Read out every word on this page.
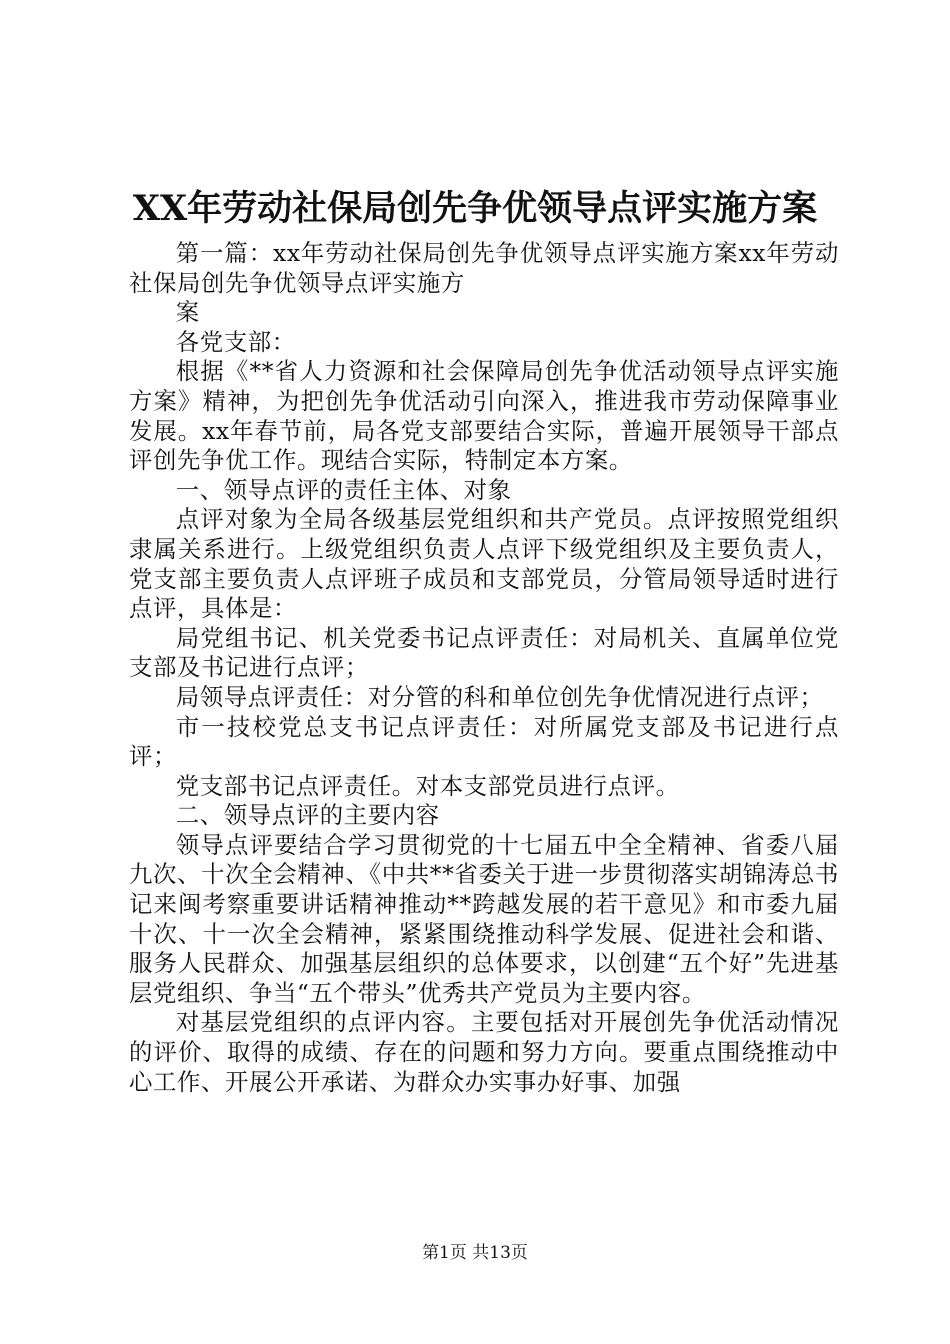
XX年劳动社保局创先争优领导点评实施方案

第一篇：xx年劳动社保局创先争优领导点评实施方案xx年劳动社保局创先争优领导点评实施方

案

各党支部：

根据《**省人力资源和社会保障局创先争优活动领导点评实施方案》精神，为把创先争优活动引向深入，推进我市劳动保障事业发展。xx年春节前，局各党支部要结合实际，普遍开展领导干部点评创先争优工作。现结合实际，特制定本方案。

一、领导点评的责任主体、对象

点评对象为全局各级基层党组织和共产党员。点评按照党组织隶属关系进行。上级党组织负责人点评下级党组织及主要负责人，党支部主要负责人点评班子成员和支部党员，分管局领导适时进行点评，具体是：

局党组书记、机关党委书记点评责任：对局机关、直属单位党支部及书记进行点评；

局领导点评责任：对分管的科和单位创先争优情况进行点评；

市一技校党总支书记点评责任：对所属党支部及书记进行点评；

党支部书记点评责任。对本支部党员进行点评。

二、领导点评的主要内容

领导点评要结合学习贯彻党的十七届五中全全精神、省委八届九次、十次全会精神、《中共**省委关于进一步贯彻落实胡锦涛总书记来闽考察重要讲话精神推动**跨越发展的若干意见》和市委九届十次、十一次全会精神，紧紧围绕推动科学发展、促进社会和谐、服务人民群众、加强基层组织的总体要求，以创建“五个好”先进基层党组织、争当“五个带头”优秀共产党员为主要内容。

对基层党组织的点评内容。主要包括对开展创先争优活动情况的评价、取得的成绩、存在的问题和努力方向。要重点围绕推动中心工作、开展公开承诺、为群众办实事办好事、加强

第1页 共13页
